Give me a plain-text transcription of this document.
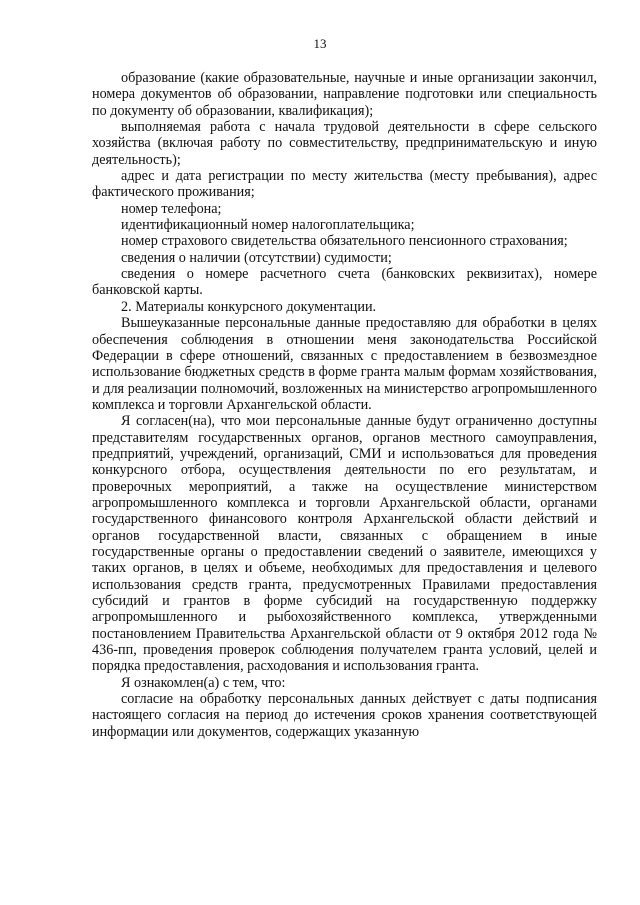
13

образование (какие образовательные, научные и иные организации закончил, номера документов об образовании, направление подготовки или специальность по документу об образовании, квалификация);

выполняемая работа с начала трудовой деятельности в сфере сельского хозяйства (включая работу по совместительству, предпринимательскую и иную деятельность);

адрес и дата регистрации по месту жительства (месту пребывания), адрес фактического проживания;

номер телефона;

идентификационный номер налогоплательщика;

номер страхового свидетельства обязательного пенсионного страхования;

сведения о наличии (отсутствии) судимости;

сведения о номере расчетного счета (банковских реквизитах), номере банковской карты.

2. Материалы конкурсного документации.

Вышеуказанные персональные данные предоставляю для обработки в целях обеспечения соблюдения в отношении меня законодательства Российской Федерации в сфере отношений, связанных с предоставлением в безвозмездное использование бюджетных средств в форме гранта малым формам хозяйствования, и для реализации полномочий, возложенных на министерство агропромышленного комплекса и торговли Архангельской области.

Я согласен(на), что мои персональные данные будут ограниченно доступны представителям государственных органов, органов местного самоуправления, предприятий, учреждений, организаций, СМИ и использоваться для проведения конкурсного отбора, осуществления деятельности по его результатам, и проверочных мероприятий, а также на осуществление министерством агропромышленного комплекса и торговли Архангельской области, органами государственного финансового контроля Архангельской области действий и органов государственной власти, связанных с обращением в иные государственные органы о предоставлении сведений о заявителе, имеющихся у таких органов, в целях и объеме, необходимых для предоставления и целевого использования средств гранта, предусмотренных Правилами предоставления субсидий и грантов в форме субсидий на государственную поддержку агропромышленного и рыбохозяйственного комплекса, утвержденными постановлением Правительства Архангельской области от 9 октября 2012 года № 436-пп, проведения проверок соблюдения получателем гранта условий, целей и порядка предоставления, расходования и использования гранта.

Я ознакомлен(а) с тем, что:

согласие на обработку персональных данных действует с даты подписания настоящего согласия на период до истечения сроков хранения соответствующей информации или документов, содержащих указанную
